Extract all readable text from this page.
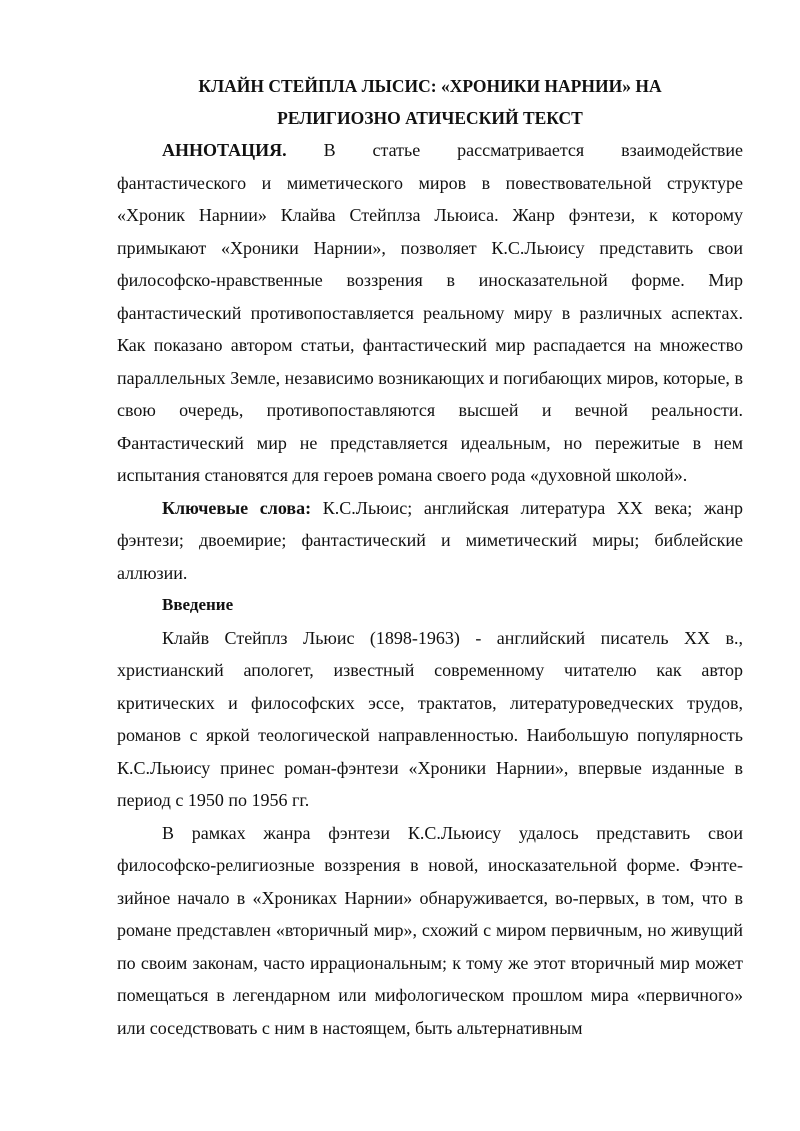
КЛАЙН СТЕЙПЛА ЛЫСИС: «ХРОНИКИ НАРНИИ» НА
РЕЛИГИОЗНО АТИЧЕСКИЙ ТЕКСТ

АННОТАЦИЯ. В статье рассматривается взаимодействие фантастического и миметического миров в повествовательной структуре «Хроник Нарнии» Клайва Стейплза Льюиса. Жанр фэнтези, к которому примыкают «Хроники Нарнии», позволяет К.С.Льюису представить свои философско-нравственные воззрения в иносказательной форме. Мир фантастический противопоставляется реальному миру в различных аспектах. Как показано автором статьи, фантастический мир распадается на множество параллельных Земле, независимо возникающих и погибающих миров, которые, в свою очередь, противопоставляются высшей и вечной реальности. Фантастический мир не представляется идеальным, но пережитые в нем испытания становятся для героев романа своего рода «духовной школой».

Ключевые слова: К.С.Льюис; английская литература XX века; жанр фэнтези; двоемирие; фантастический и миметический миры; библейские аллюзии.

Введение

Клайв Стейплз Льюис (1898-1963) - английский писатель XX в., христианский апологет, известный современному читателю как автор критических и философских эссе, трактатов, литературоведческих трудов, романов с яркой теологической направленностью. Наибольшую популярность К.С.Льюису принес роман-фэнтези «Хроники Нарнии», впервые изданные в период с 1950 по 1956 гг.

В рамках жанра фэнтези К.С.Льюису удалось представить свои философско-религиозные воззрения в новой, иносказательной форме. Фэнте-зийное начало в «Хрониках Нарнии» обнаруживается, во-первых, в том, что в романе представлен «вторичный мир», схожий с миром первичным, но живущий по своим законам, часто иррациональным; к тому же этот вторичный мир может помещаться в легендарном или мифологическом прошлом мира «первичного» или соседствовать с ним в настоящем, быть альтернативным
